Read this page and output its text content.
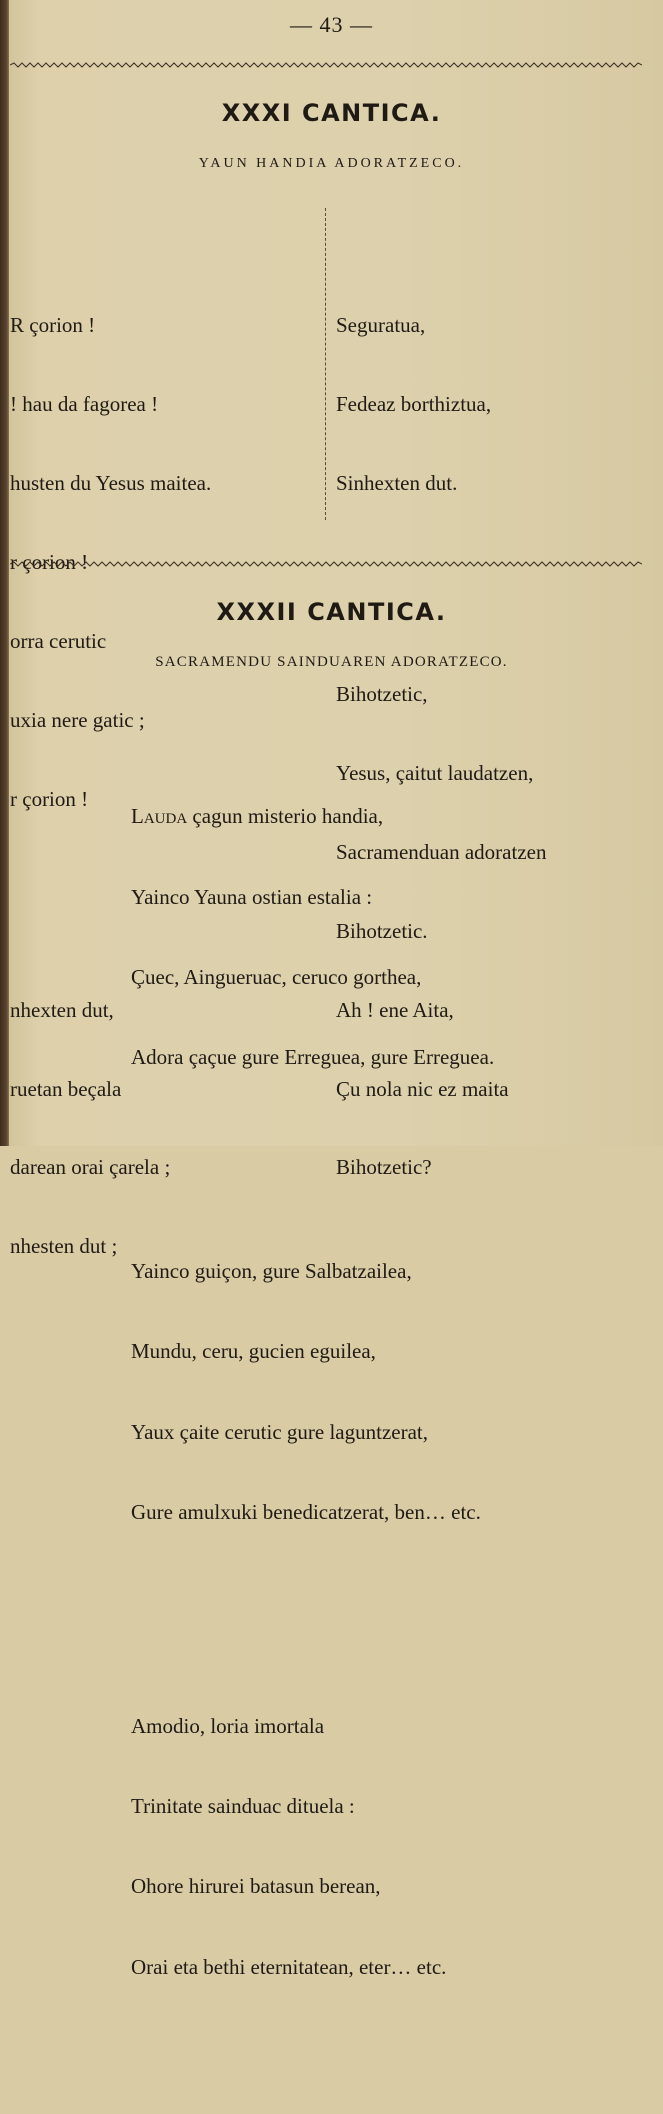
— 43 —
XXXI CANTICA.
YAUN HANDIA ADORATZECO.

R çorion !

! hau da fagorea !

husten du Yesus maitea.

r çorion !

orra cerutic

uxia nere gatic ;

r çorion !

nhexten dut,

ruetan beçala

darean orai çarela ;

nhesten dut ;

Seguratua,

Fedeaz borthiztua,

Sinhexten dut.

Bihotzetic,

Yesus, çaitut laudatzen,

Sacramenduan adoratzen

Bihotzetic.

Ah ! ene Aita,

Çu nola nic ez maita

Bihotzetic?

XXXII CANTICA.
SACRAMENDU SAINDUAREN ADORATZECO.

Lauda çagun misterio handia,

Yainco Yauna ostian estalia :

Çuec, Ainguеruac, ceruco gorthea,

Adora çaçue gure Erreguea, gure Erreguea.

Yainco guiçon, gure Salbatzailea,

Mundu, ceru, gucien eguilea,

Yaux çaite cerutic gure laguntzerat,

Gure amulxuki benedicatzerat, ben… etc.

Amodio, loria imortala

Trinitate sainduac dituela :

Ohore hirurei batasun berean,

Orai eta bethi eternitatean, eter… etc.
